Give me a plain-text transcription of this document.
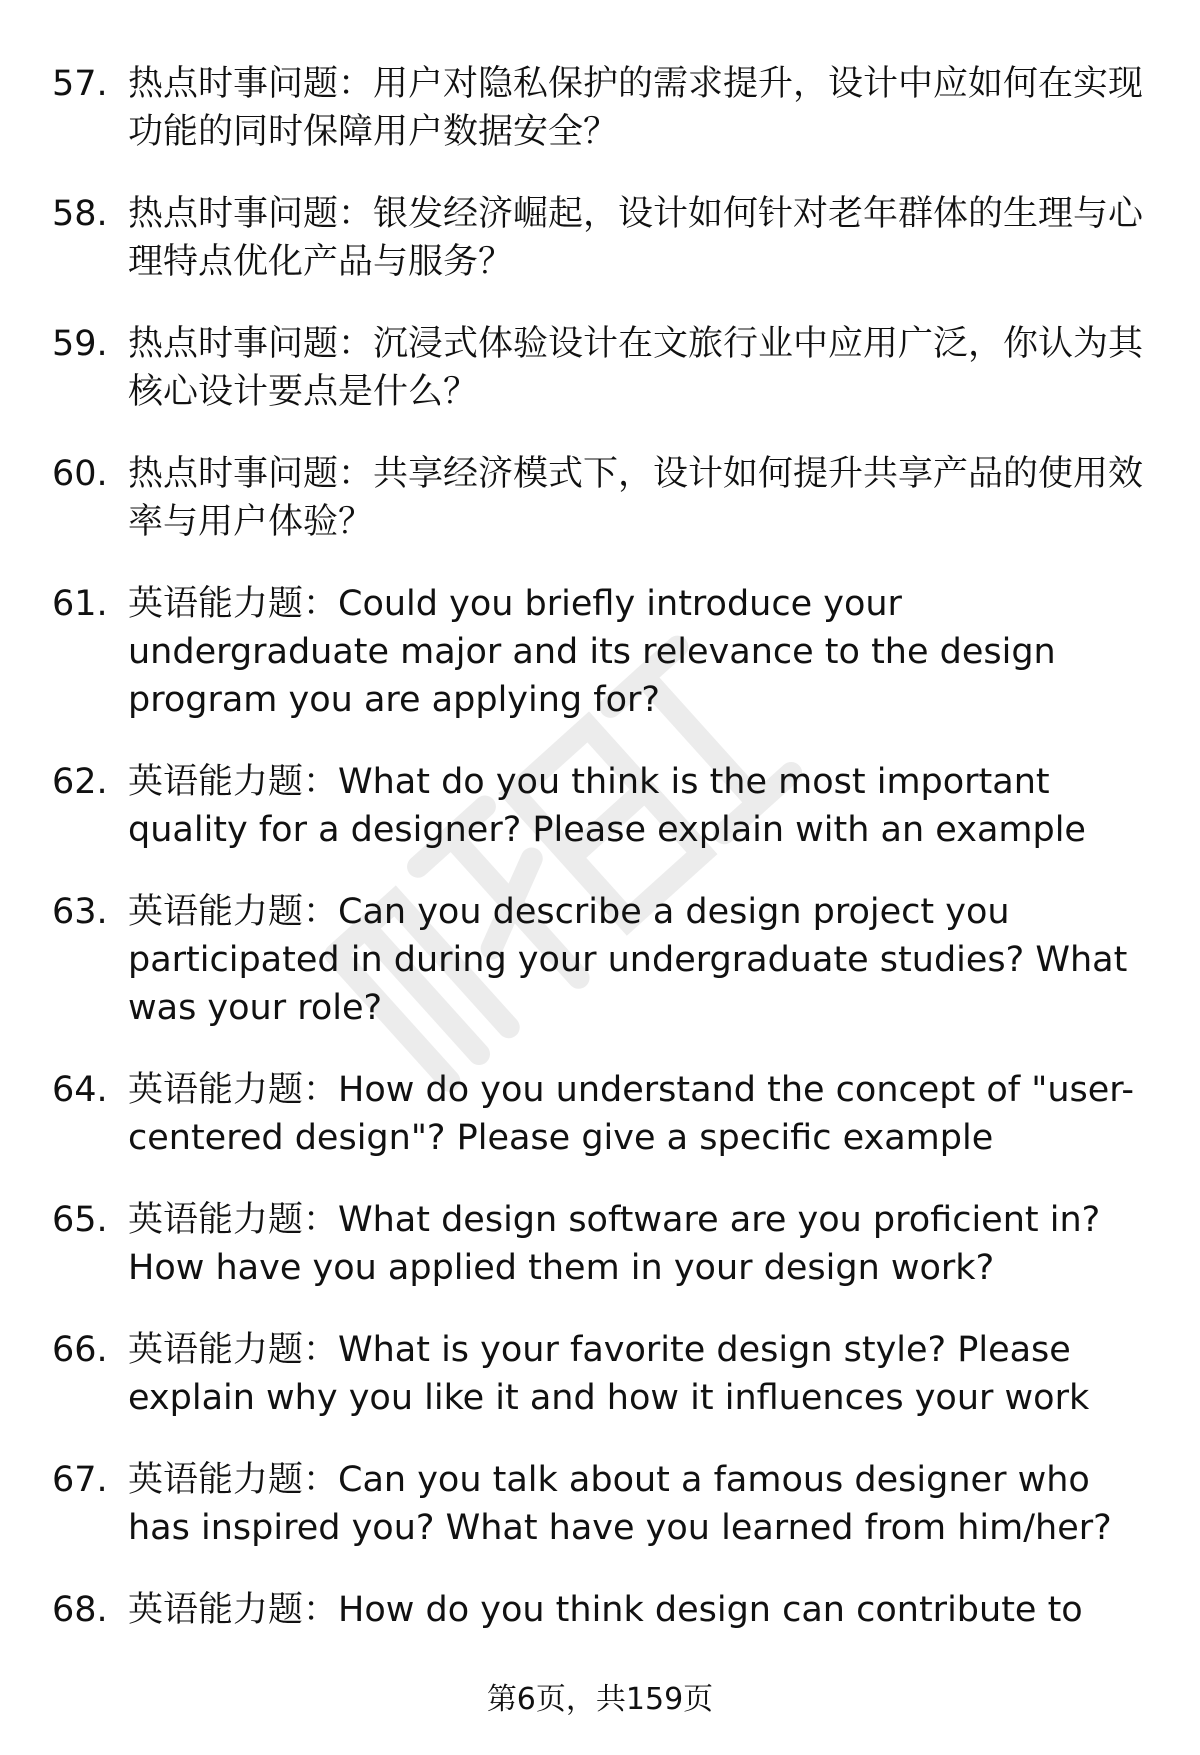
57. 热点时事问题：用户对隐私保护的需求提升，设计中应如何在实现功能的同时保障用户数据安全？
58. 热点时事问题：银发经济崛起，设计如何针对老年群体的生理与心理特点优化产品与服务？
59. 热点时事问题：沉浸式体验设计在文旅行业中应用广泛，你认为其核心设计要点是什么？
60. 热点时事问题：共享经济模式下，设计如何提升共享产品的使用效率与用户体验？
61. 英语能力题：Could you briefly introduce your undergraduate major and its relevance to the design program you are applying for?
62. 英语能力题：What do you think is the most important quality for a designer? Please explain with an example
63. 英语能力题：Can you describe a design project you participated in during your undergraduate studies? What was your role?
64. 英语能力题：How do you understand the concept of "user-centered design"? Please give a specific example
65. 英语能力题：What design software are you proficient in? How have you applied them in your design work?
66. 英语能力题：What is your favorite design style? Please explain why you like it and how it influences your work
67. 英语能力题：Can you talk about a famous designer who has inspired you? What have you learned from him/her?
68. 英语能力题：How do you think design can contribute to
第6页，共159页
